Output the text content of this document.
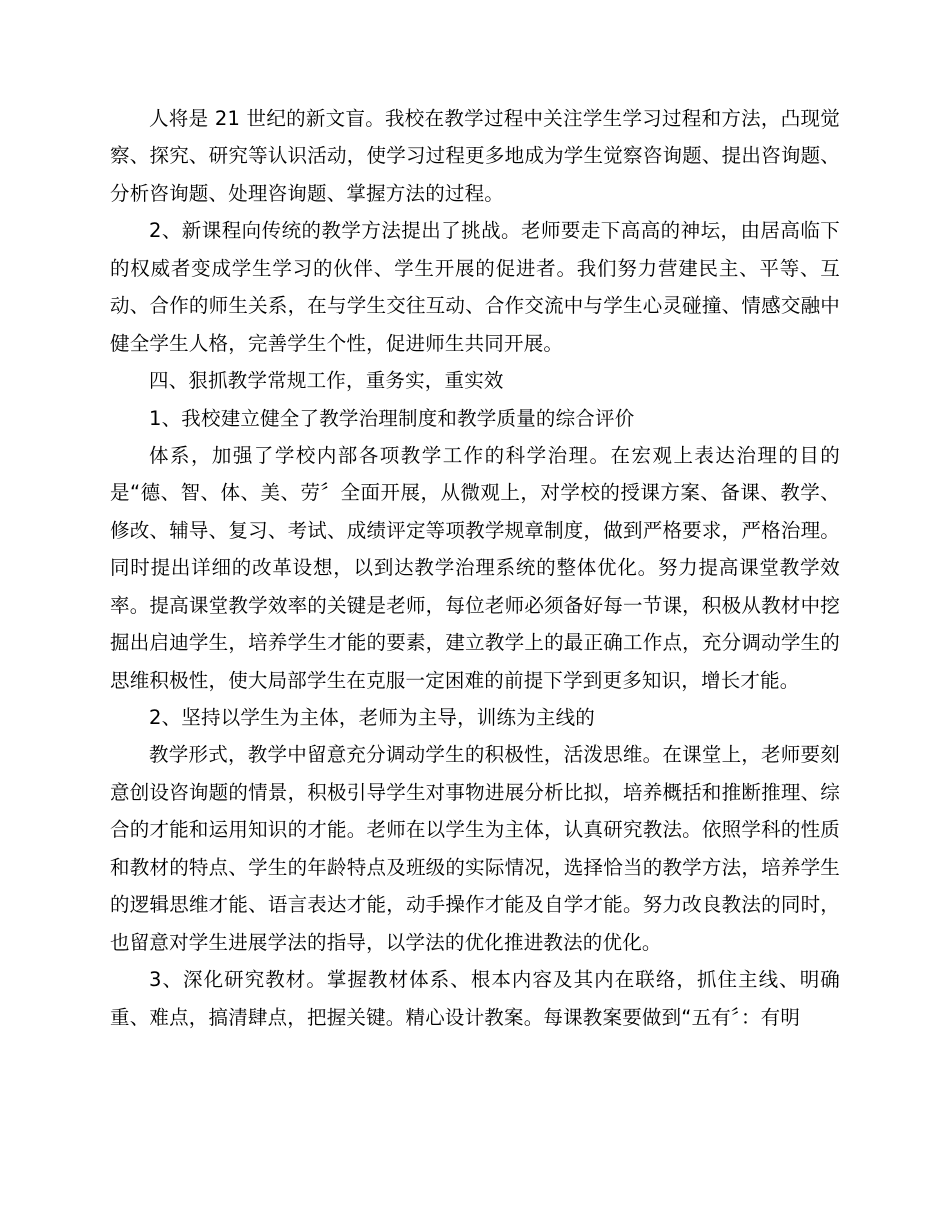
人将是 21 世纪的新文盲。我校在教学过程中关注学生学习过程和方法，凸现觉察、探究、研究等认识活动，使学习过程更多地成为学生觉察咨询题、提出咨询题、分析咨询题、处理咨询题、掌握方法的过程。

2、新课程向传统的教学方法提出了挑战。老师要走下高高的神坛，由居高临下的权威者变成学生学习的伙伴、学生开展的促进者。我们努力营建民主、平等、互动、合作的师生关系，在与学生交往互动、合作交流中与学生心灵碰撞、情感交融中健全学生人格，完善学生个性，促进师生共同开展。

四、狠抓教学常规工作，重务实，重实效

1、我校建立健全了教学治理制度和教学质量的综合评价

体系，加强了学校内部各项教学工作的科学治理。在宏观上表达治理的目的是“德、智、体、美、劳〞全面开展，从微观上，对学校的授课方案、备课、教学、修改、辅导、复习、考试、成绩评定等项教学规章制度，做到严格要求，严格治理。同时提出详细的改革设想，以到达教学治理系统的整体优化。努力提高课堂教学效率。提高课堂教学效率的关键是老师，每位老师必须备好每一节课，积极从教材中挖掘出启迪学生，培养学生才能的要素，建立教学上的最正确工作点，充分调动学生的思维积极性，使大局部学生在克服一定困难的前提下学到更多知识，增长才能。

2、坚持以学生为主体，老师为主导，训练为主线的

教学形式，教学中留意充分调动学生的积极性，活泼思维。在课堂上，老师要刻意创设咨询题的情景，积极引导学生对事物进展分析比拟，培养概括和推断推理、综合的才能和运用知识的才能。老师在以学生为主体，认真研究教法。依照学科的性质和教材的特点、学生的年龄特点及班级的实际情况，选择恰当的教学方法，培养学生的逻辑思维才能、语言表达才能，动手操作才能及自学才能。努力改良教法的同时，也留意对学生进展学法的指导，以学法的优化推进教法的优化。

3、深化研究教材。掌握教材体系、根本内容及其内在联络，抓住主线、明确重、难点，搞清肆点，把握关键。精心设计教案。每课教案要做到“五有〞：有明
